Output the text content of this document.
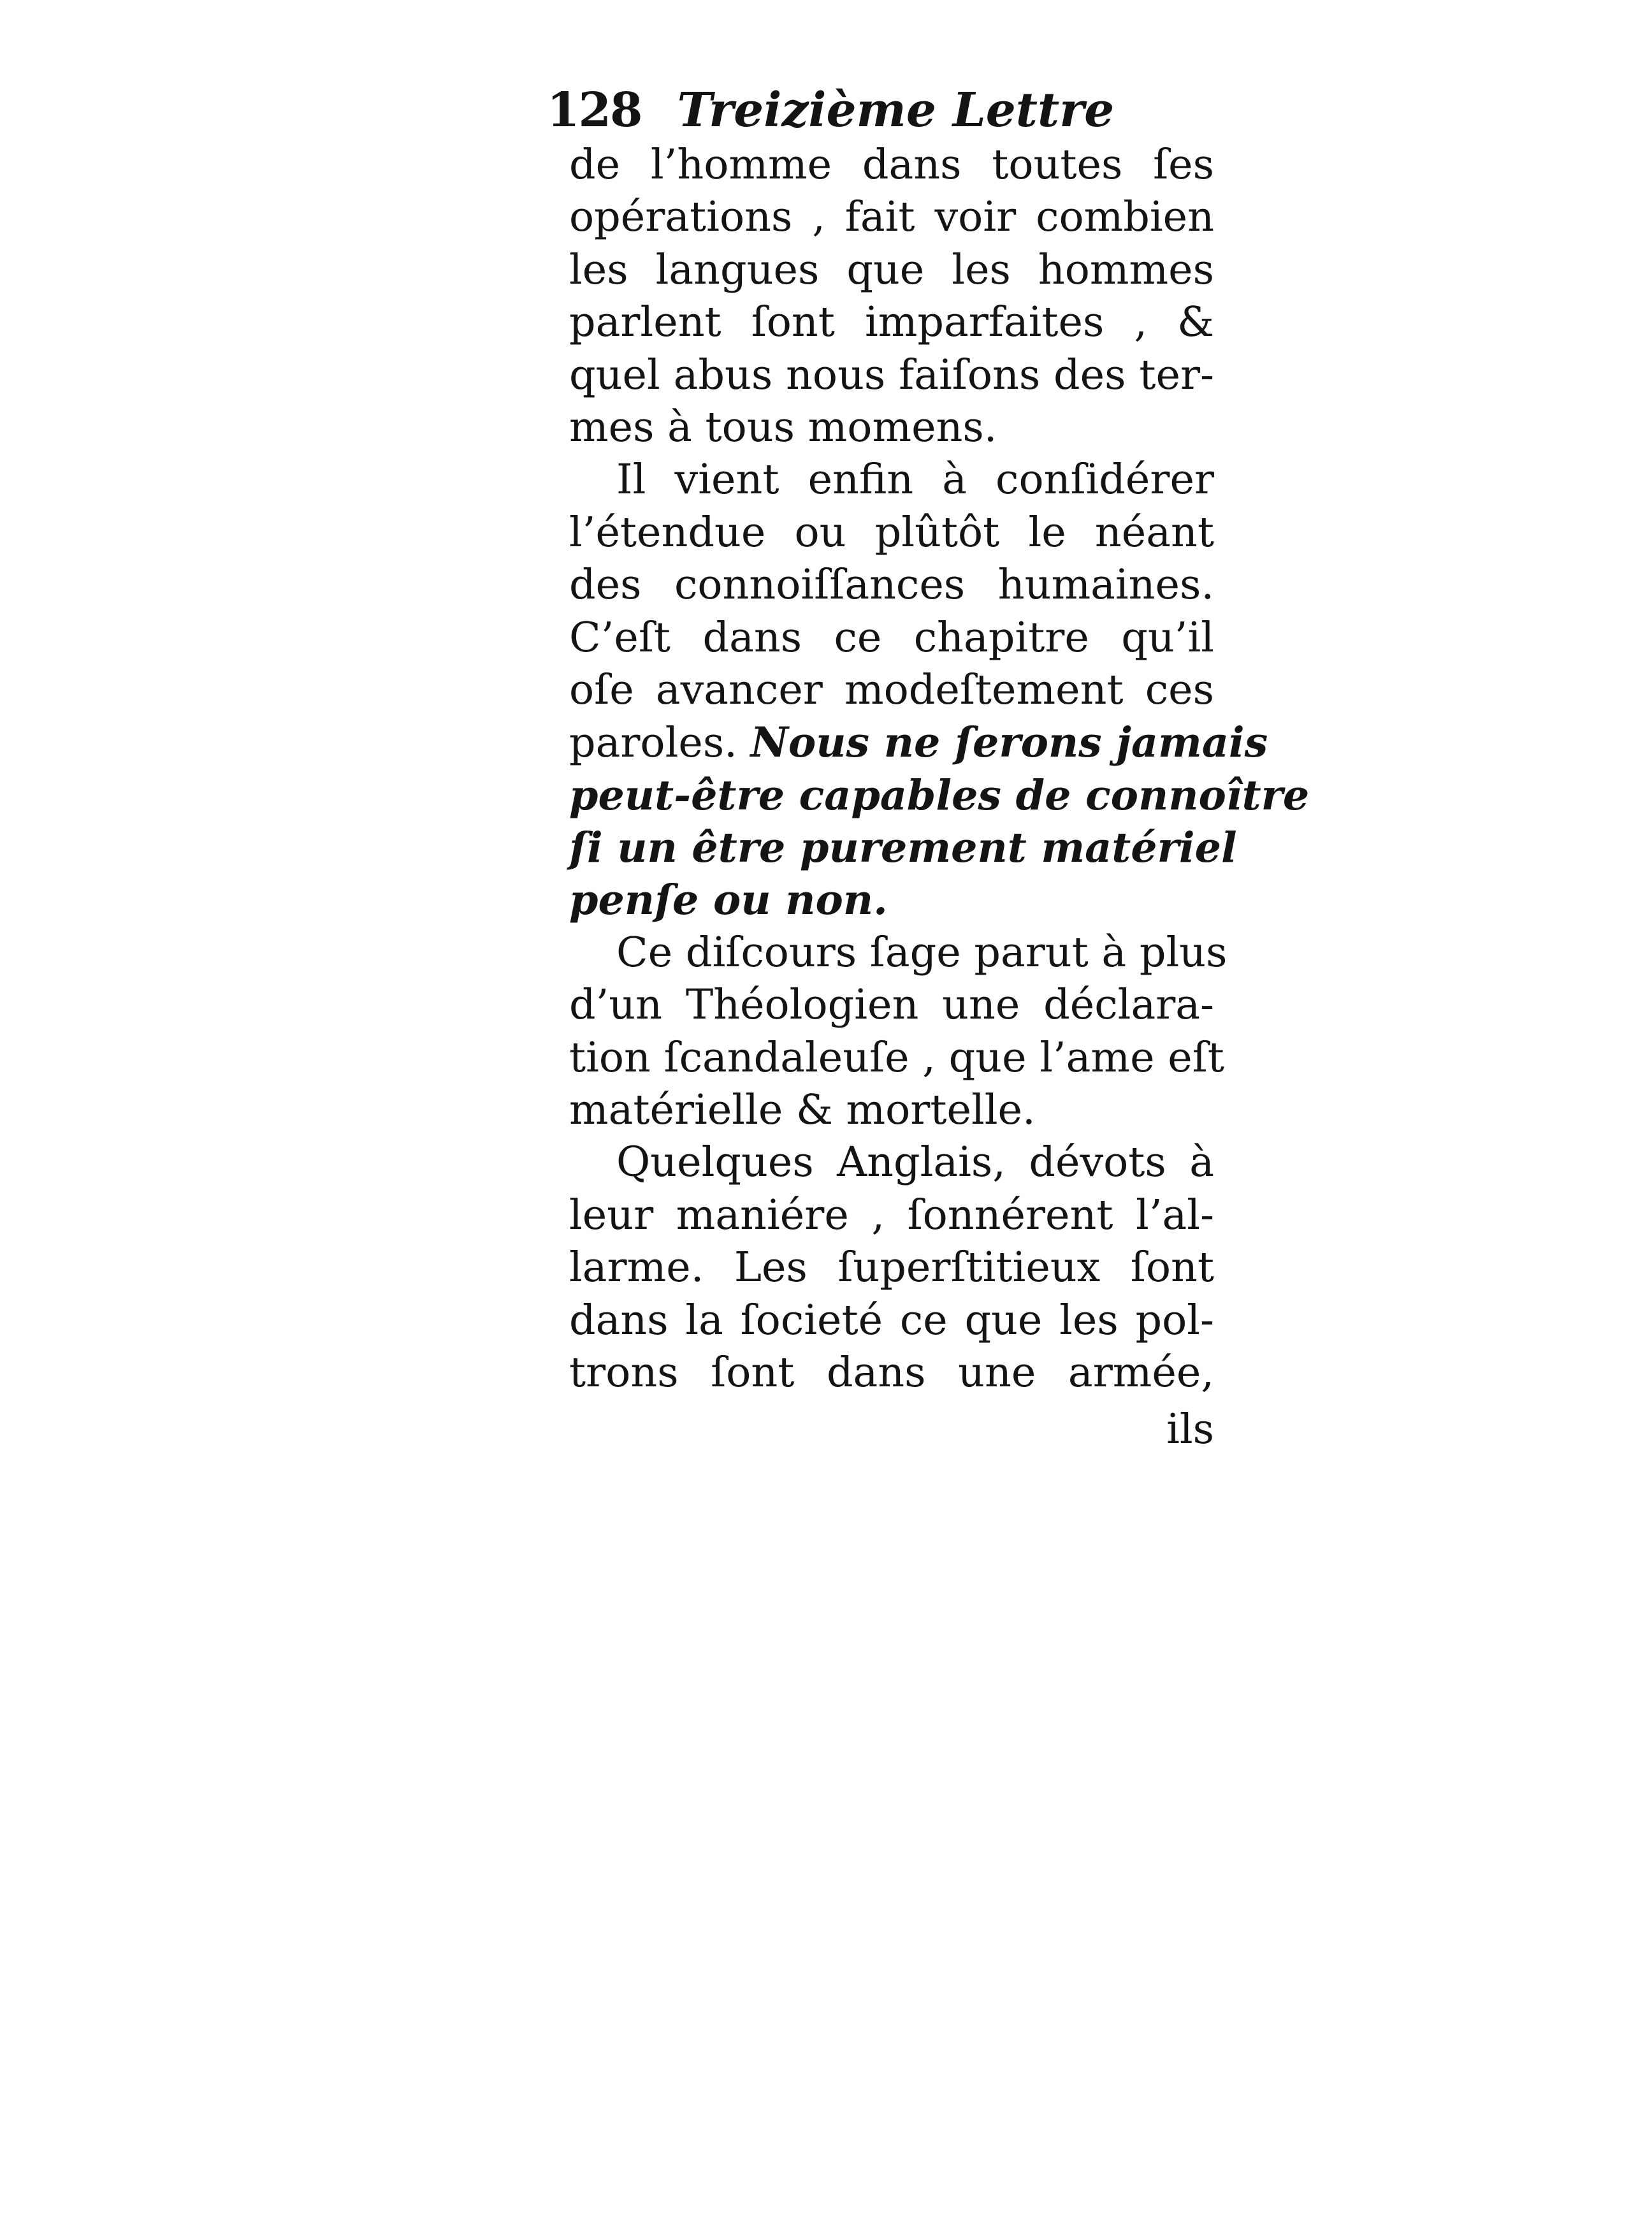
128 Treizième Lettre
de l’homme dans toutes ſes
opérations , fait voir combien
les langues que les hommes
parlent ſont imparfaites , &
quel abus nous faiſons des ter-
mes à tous momens.
Il vient enfin à conſidérer
l’étendue ou plûtôt le néant
des connoiſſances humaines.
C’eſt dans ce chapitre qu’il
oſe avancer modeſtement ces
paroles. Nous ne ſerons jamais
peut-être capables de connoître
ſi un être purement matériel
penſe ou non.
Ce diſcours ſage parut à plus
d’un Théologien une déclara-
tion ſcandaleuſe , que l’ame eſt
matérielle & mortelle.
Quelques Anglais, dévots à
leur maniére , ſonnérent l’al-
larme. Les ſuperſtitieux ſont
dans la ſocieté ce que les pol-
trons ſont dans une armée,
ils
